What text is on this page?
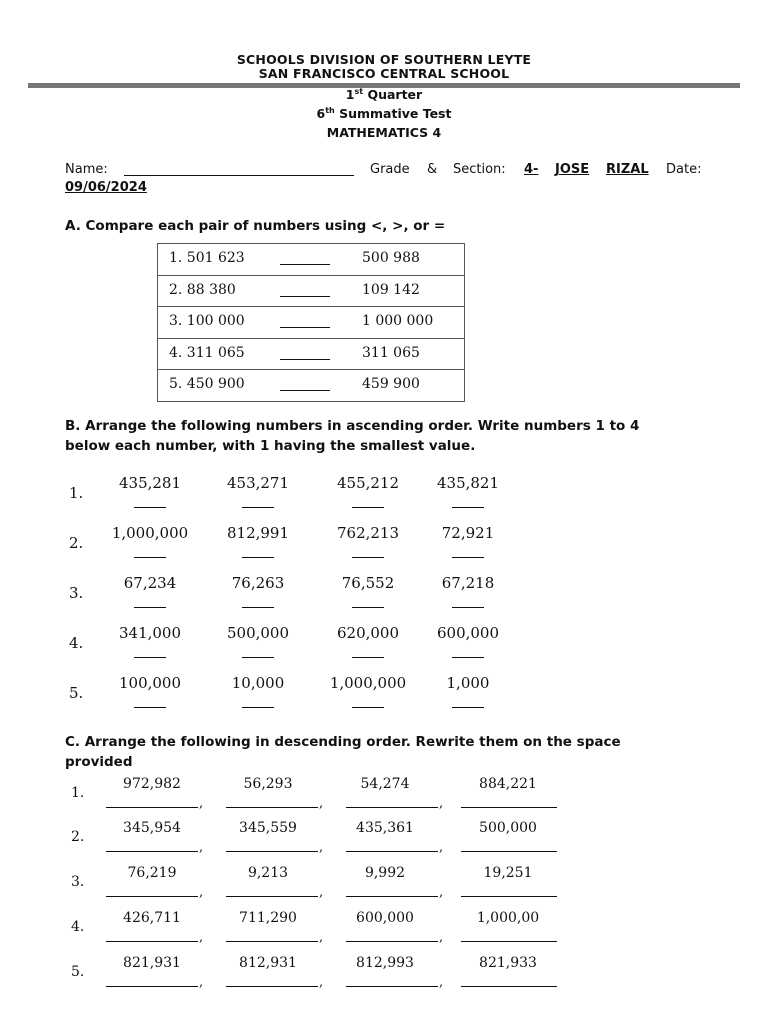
SCHOOLS DIVISION OF SOUTHERN LEYTE
SAN FRANCISCO CENTRAL SCHOOL
1st Quarter
6th Summative Test
MATHEMATICS 4
Name:	Grade & Section: 4- JOSE RIZAL Date:
09/06/2024
A. Compare each pair of numbers using <, >, or =
1. 501 623	500 988

2. 88 380	109 142

3. 100 000	1 000 000

4. 311 065	311 065

5. 450 900	459 900
B. Arrange the following numbers in ascending order. Write numbers 1 to 4
below each number, with 1 having the smallest value.
1.
435,281	453,271	455,212	435,821
2.
1,000,000	812,991	762,213	72,921
3.
67,234	76,263	76,552	67,218
4.
341,000	500,000	620,000	600,000
5.
100,000	10,000	1,000,000	1,000
C. Arrange the following in descending order. Rewrite them on the space
provided
1.
972,982
,
56,293
,
54,274
,
884,221
2.
345,954
,
345,559
,
435,361
,
500,000
3.
76,219
,
9,213
,
9,992
,
19,251
4.
426,711
,
711,290
,
600,000
,
1,000,00
5.
821,931
,
812,931
,
812,993
,
821,933
